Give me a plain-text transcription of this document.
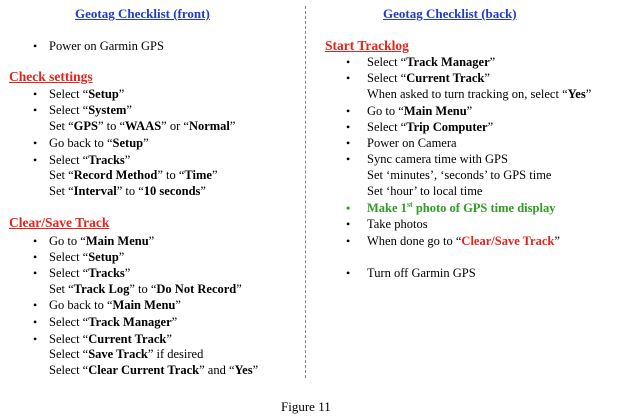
Geotag Checklist (front)
• Power on Garmin GPS
Check settings
• Select “Setup”
• Select “System”
Set “GPS” to “WAAS” or “Normal”
• Go back to “Setup”
• Select “Tracks”
Set “Record Method” to “Time”
Set “Interval” to “10 seconds”
Clear/Save Track
• Go to “Main Menu”
• Select “Setup”
• Select “Tracks”
Set “Track Log” to “Do Not Record”
• Go back to “Main Menu”
• Select “Track Manager”
• Select “Current Track”
Select “Save Track” if desired
Select “Clear Current Track” and “Yes”
Geotag Checklist (back)
Start Tracklog
• Select “Track Manager”
• Select “Current Track”
When asked to turn tracking on, select “Yes”
• Go to “Main Menu”
• Select “Trip Computer”
• Power on Camera
• Sync camera time with GPS
Set ‘minutes’, ‘seconds’ to GPS time
Set ‘hour’ to local time
• Make 1st photo of GPS time display
• Take photos
• When done go to “Clear/Save Track”
• Turn off Garmin GPS
Figure 11
